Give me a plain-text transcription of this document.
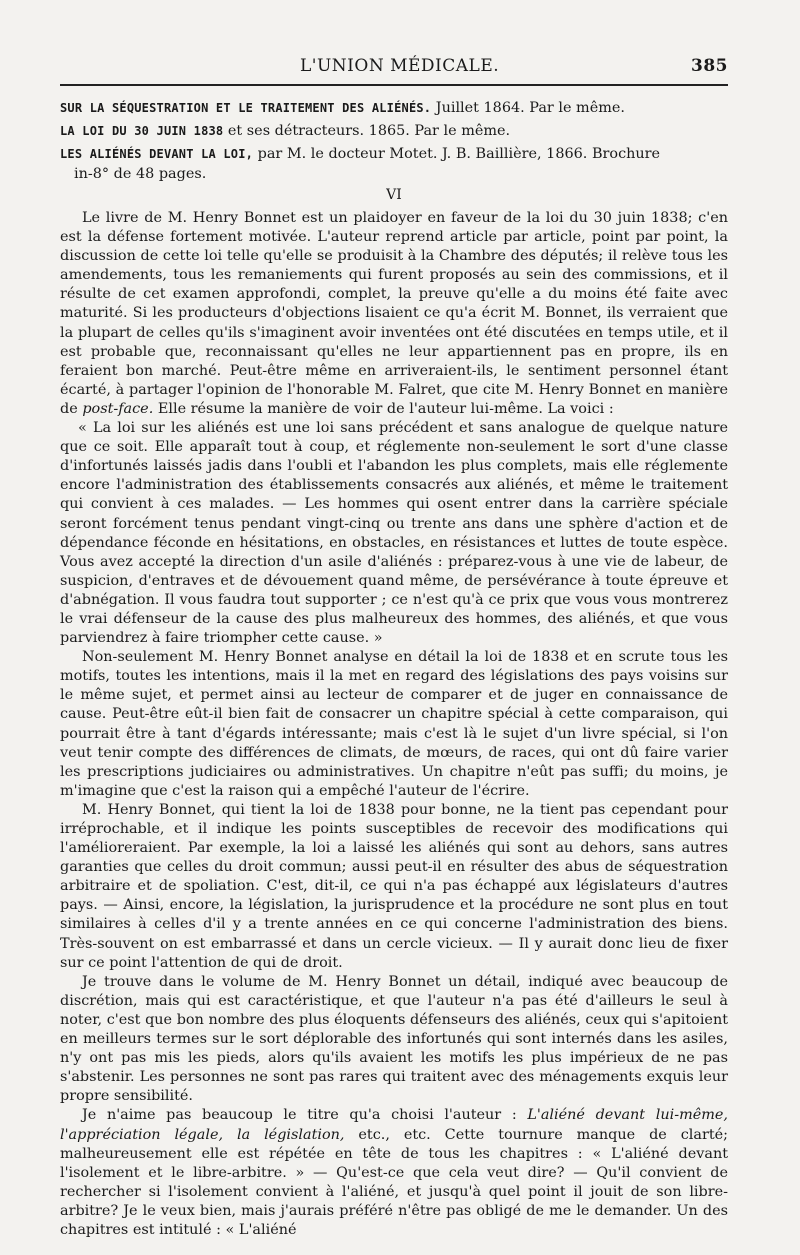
L'UNION MÉDICALE.	385

SUR LA SÉQUESTRATION ET LE TRAITEMENT DES ALIÉNÉS. Juillet 1864. Par le même.

LA LOI DU 30 JUIN 1838 et ses détracteurs. 1865. Par le même.

LES ALIÉNÉS DEVANT LA LOI, par M. le docteur Motet. J. B. Baillière, 1866. Brochure
in-8° de 48 pages.

VI

Le livre de M. Henry Bonnet est un plaidoyer en faveur de la loi du 30 juin 1838; c'en est la défense fortement motivée. L'auteur reprend article par article, point par point, la discussion de cette loi telle qu'elle se produisit à la Chambre des députés; il relève tous les amendements, tous les remaniements qui furent proposés au sein des commissions, et il résulte de cet examen approfondi, complet, la preuve qu'elle a du moins été faite avec maturité. Si les producteurs d'objections lisaient ce qu'a écrit M. Bonnet, ils verraient que la plupart de celles qu'ils s'imaginent avoir inventées ont été discutées en temps utile, et il est probable que, reconnaissant qu'elles ne leur appartiennent pas en propre, ils en feraient bon marché. Peut-être même en arriveraient-ils, le sentiment personnel étant écarté, à partager l'opinion de l'honorable M. Falret, que cite M. Henry Bonnet en manière de post-face. Elle résume la manière de voir de l'auteur lui-même. La voici :

« La loi sur les aliénés est une loi sans précédent et sans analogue de quelque nature que ce soit. Elle apparaît tout à coup, et réglemente non-seulement le sort d'une classe d'infortunés laissés jadis dans l'oubli et l'abandon les plus complets, mais elle réglemente encore l'administration des établissements consacrés aux aliénés, et même le traitement qui convient à ces malades. — Les hommes qui osent entrer dans la carrière spéciale seront forcément tenus pendant vingt-cinq ou trente ans dans une sphère d'action et de dépendance féconde en hésitations, en obstacles, en résistances et luttes de toute espèce. Vous avez accepté la direction d'un asile d'aliénés : préparez-vous à une vie de labeur, de suspicion, d'entraves et de dévouement quand même, de persévérance à toute épreuve et d'abnégation. Il vous faudra tout supporter ; ce n'est qu'à ce prix que vous vous montrerez le vrai défenseur de la cause des plus malheureux des hommes, des aliénés, et que vous parviendrez à faire triompher cette cause. »

Non-seulement M. Henry Bonnet analyse en détail la loi de 1838 et en scrute tous les motifs, toutes les intentions, mais il la met en regard des législations des pays voisins sur le même sujet, et permet ainsi au lecteur de comparer et de juger en connaissance de cause. Peut-être eût-il bien fait de consacrer un chapitre spécial à cette comparaison, qui pourrait être à tant d'égards intéressante; mais c'est là le sujet d'un livre spécial, si l'on veut tenir compte des différences de climats, de mœurs, de races, qui ont dû faire varier les prescriptions judiciaires ou administratives. Un chapitre n'eût pas suffi; du moins, je m'imagine que c'est la raison qui a empêché l'auteur de l'écrire.

M. Henry Bonnet, qui tient la loi de 1838 pour bonne, ne la tient pas cependant pour irréprochable, et il indique les points susceptibles de recevoir des modifications qui l'amélioreraient. Par exemple, la loi a laissé les aliénés qui sont au dehors, sans autres garanties que celles du droit commun; aussi peut-il en résulter des abus de séquestration arbitraire et de spoliation. C'est, dit-il, ce qui n'a pas échappé aux législateurs d'autres pays. — Ainsi, encore, la législation, la jurisprudence et la procédure ne sont plus en tout similaires à celles d'il y a trente années en ce qui concerne l'administration des biens. Très-souvent on est embarrassé et dans un cercle vicieux. — Il y aurait donc lieu de fixer sur ce point l'attention de qui de droit.

Je trouve dans le volume de M. Henry Bonnet un détail, indiqué avec beaucoup de discrétion, mais qui est caractéristique, et que l'auteur n'a pas été d'ailleurs le seul à noter, c'est que bon nombre des plus éloquents défenseurs des aliénés, ceux qui s'apitoient en meilleurs termes sur le sort déplorable des infortunés qui sont internés dans les asiles, n'y ont pas mis les pieds, alors qu'ils avaient les motifs les plus impérieux de ne pas s'abstenir. Les personnes ne sont pas rares qui traitent avec des ménagements exquis leur propre sensibilité.

Je n'aime pas beaucoup le titre qu'a choisi l'auteur : L'aliéné devant lui-même, l'appréciation légale, la législation, etc., etc. Cette tournure manque de clarté; malheureusement elle est répétée en tête de tous les chapitres : « L'aliéné devant l'isolement et le libre-arbitre. » — Qu'est-ce que cela veut dire? — Qu'il convient de rechercher si l'isolement convient à l'aliéné, et jusqu'à quel point il jouit de son libre-arbitre? Je le veux bien, mais j'aurais préféré n'être pas obligé de me le demander. Un des chapitres est intitulé : « L'aliéné
